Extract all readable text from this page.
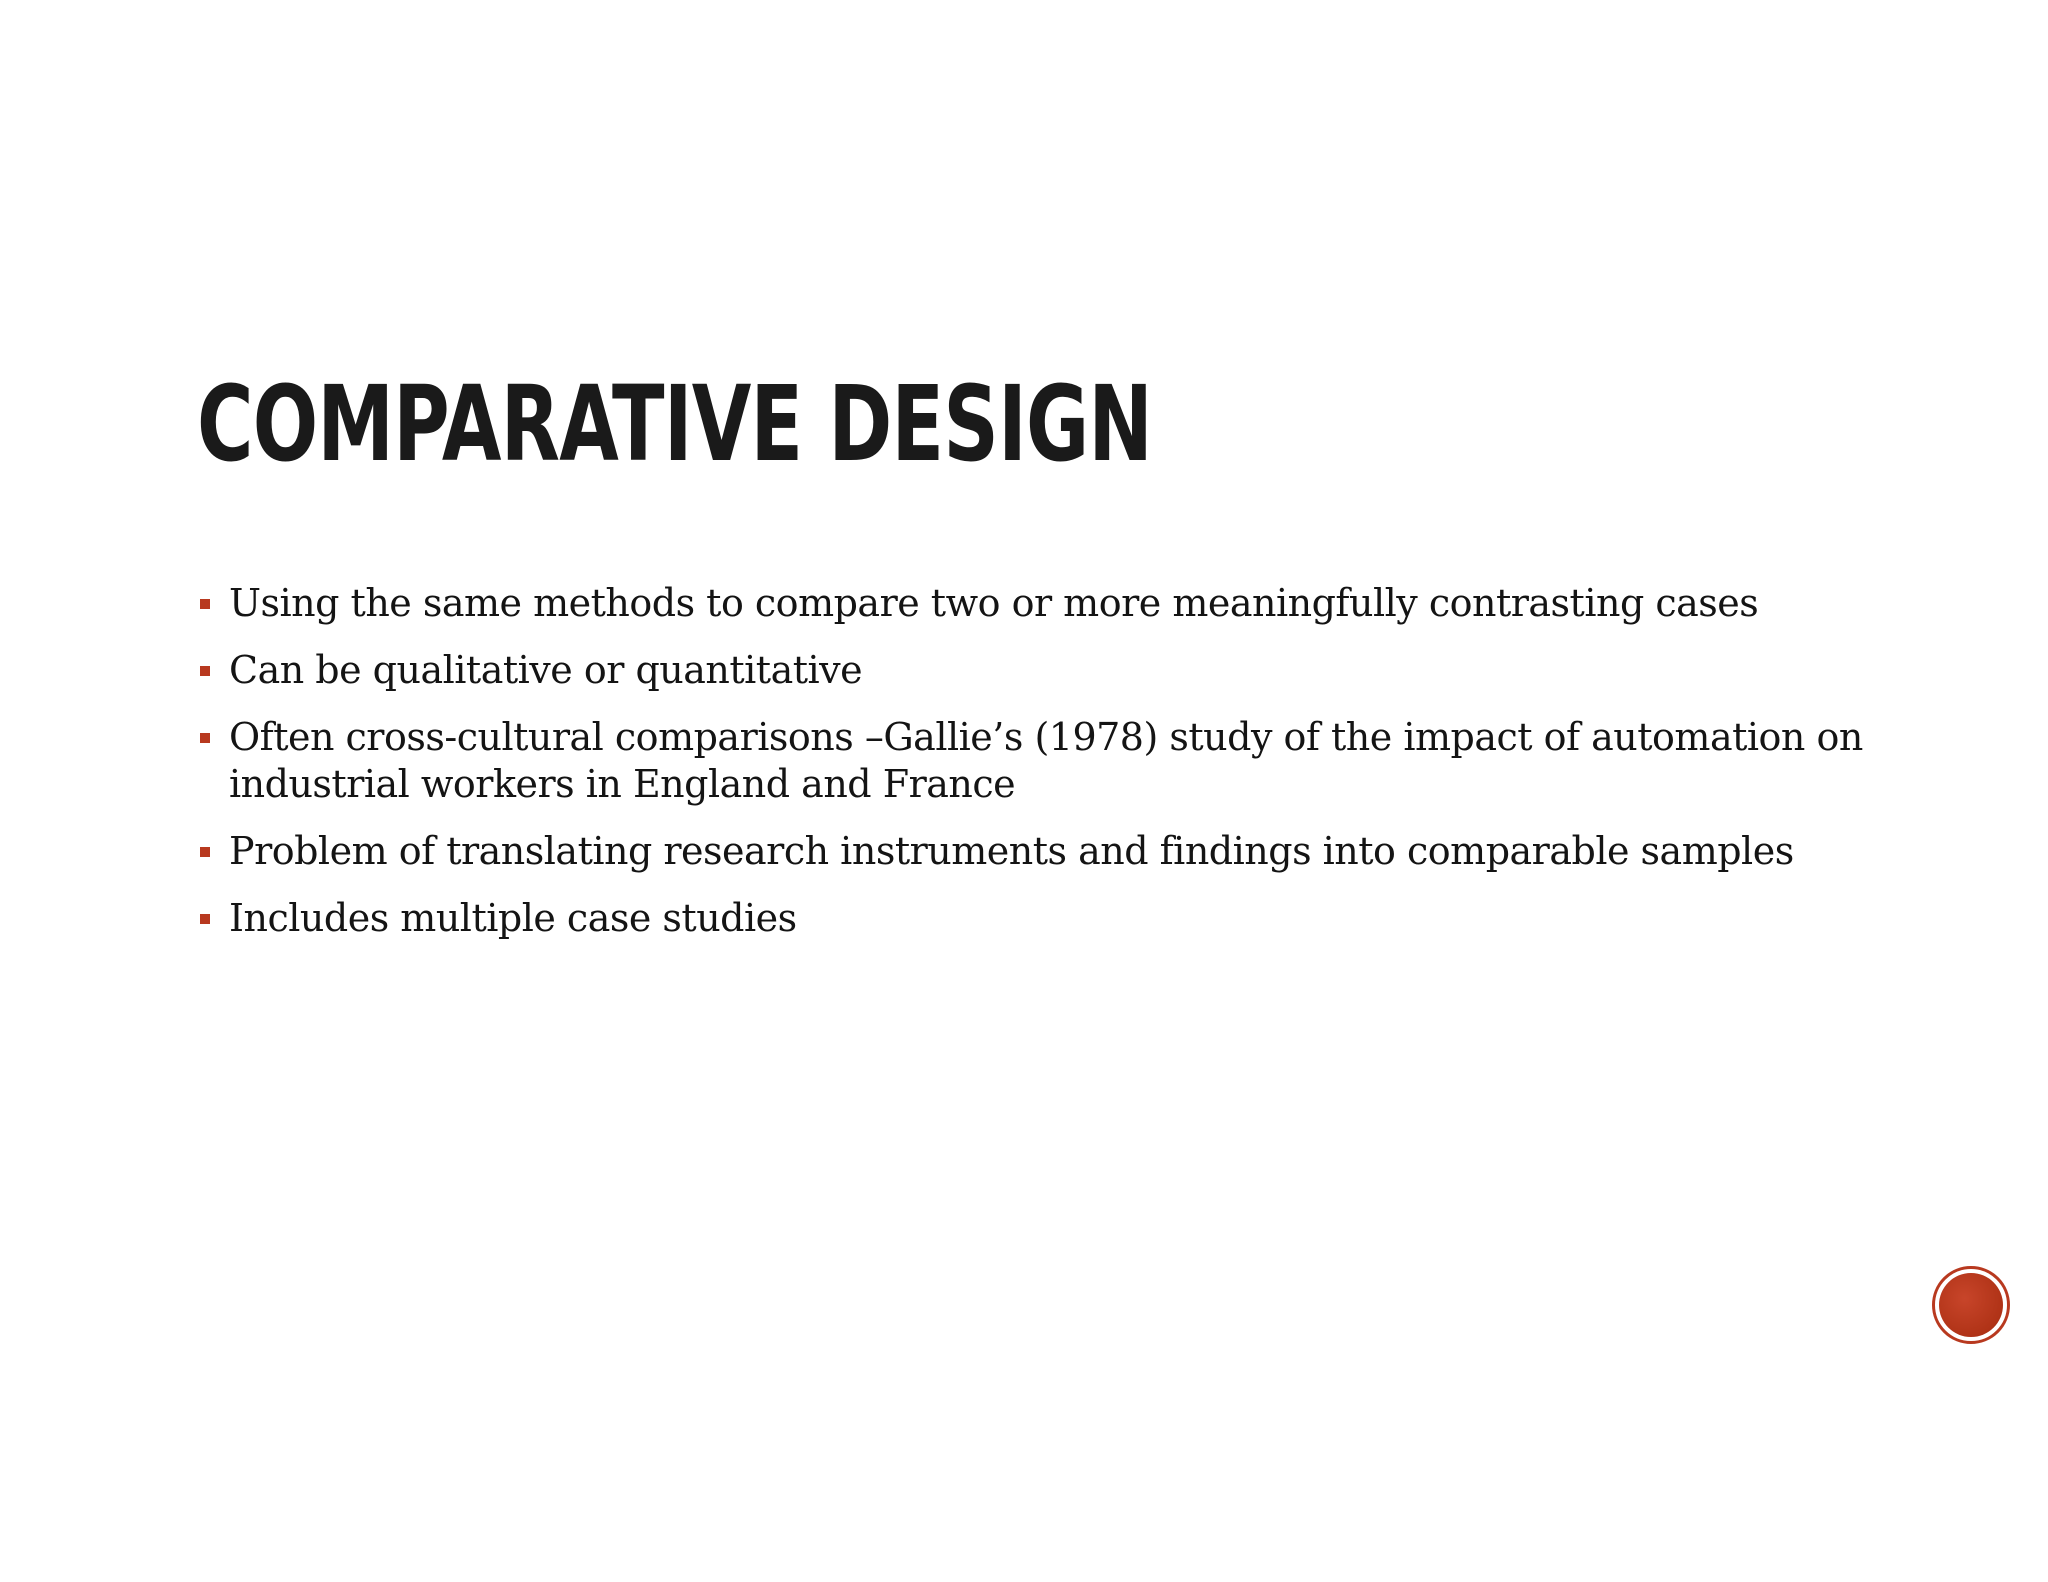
COMPARATIVE DESIGN
Using the same methods to compare two or more meaningfully contrasting cases
Can be qualitative or quantitative
Often cross-cultural comparisons –Gallie’s (1978) study of the impact of automation on industrial workers in England and France
Problem of translating research instruments and findings into comparable samples
Includes multiple case studies
